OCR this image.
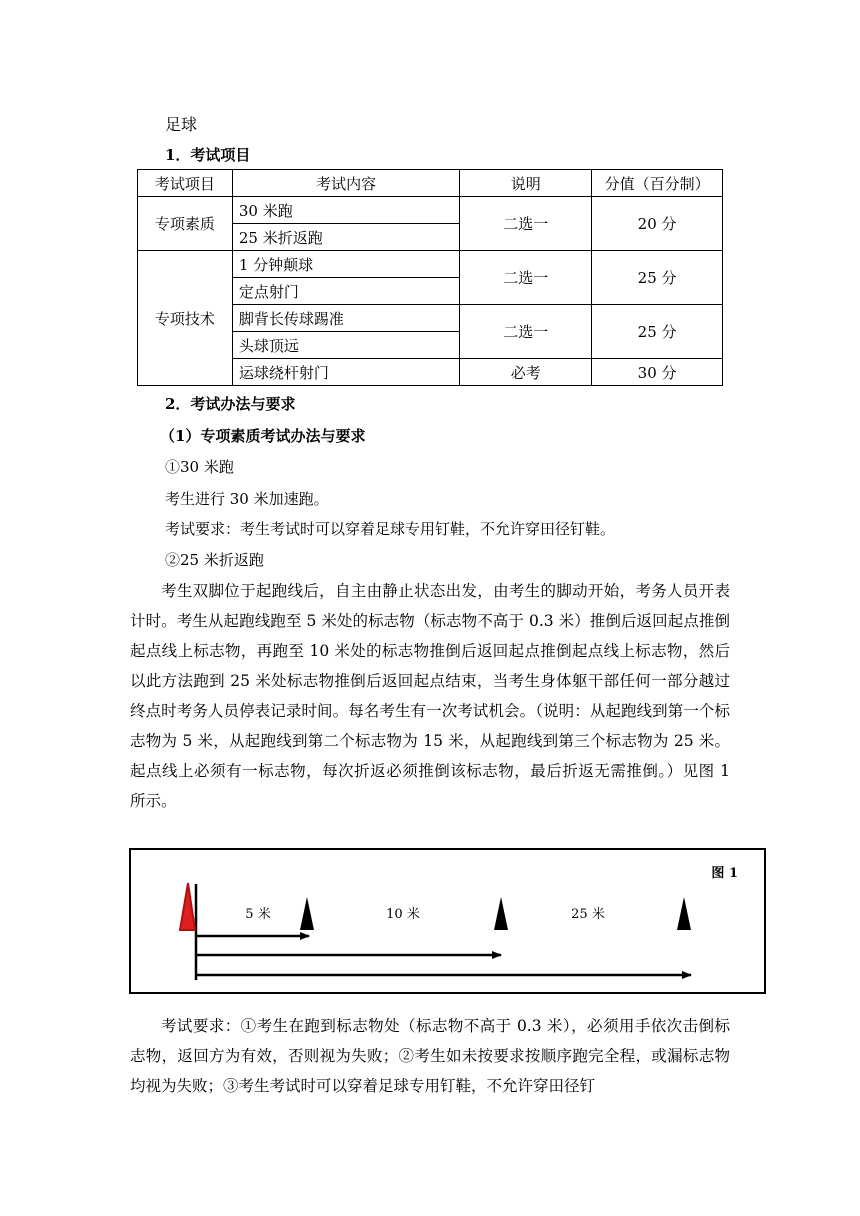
足球
1．考试项目
考试项目	考试内容	说明	分值（百分制）
专项素质	30 米跑	二选一	20 分
	25 米折返跑		
专项技术	1 分钟颠球	二选一	25 分
	定点射门		
	脚背长传球踢准	二选一	25 分
	头球顶远		
	运球绕杆射门	必考	30 分
2．考试办法与要求
（1）专项素质考试办法与要求
①30 米跑
考生进行 30 米加速跑。
考试要求：考生考试时可以穿着足球专用钉鞋，不允许穿田径钉鞋。
②25 米折返跑
考生双脚位于起跑线后，自主由静止状态出发，由考生的脚动开始，考务人员开表计时。考生从起跑线跑至 5 米处的标志物（标志物不高于 0.3 米）推倒后返回起点推倒起点线上标志物，再跑至 10 米处的标志物推倒后返回起点推倒起点线上标志物，然后以此方法跑到 25 米处标志物推倒后返回起点结束，当考生身体躯干部任何一部分越过终点时考务人员停表记录时间。每名考生有一次考试机会。（说明：从起跑线到第一个标志物为 5 米，从起跑线到第二个标志物为 15 米，从起跑线到第三个标志物为 25 米。起点线上必须有一标志物，每次折返必须推倒该标志物，最后折返无需推倒。）见图 1 所示。
图 1
5 米	10 米	25 米
考试要求：①考生在跑到标志物处（标志物不高于 0.3 米），必须用手依次击倒标志物，返回方为有效，否则视为失败；②考生如未按要求按顺序跑完全程，或漏标志物均视为失败；③考生考试时可以穿着足球专用钉鞋，不允许穿田径钉
